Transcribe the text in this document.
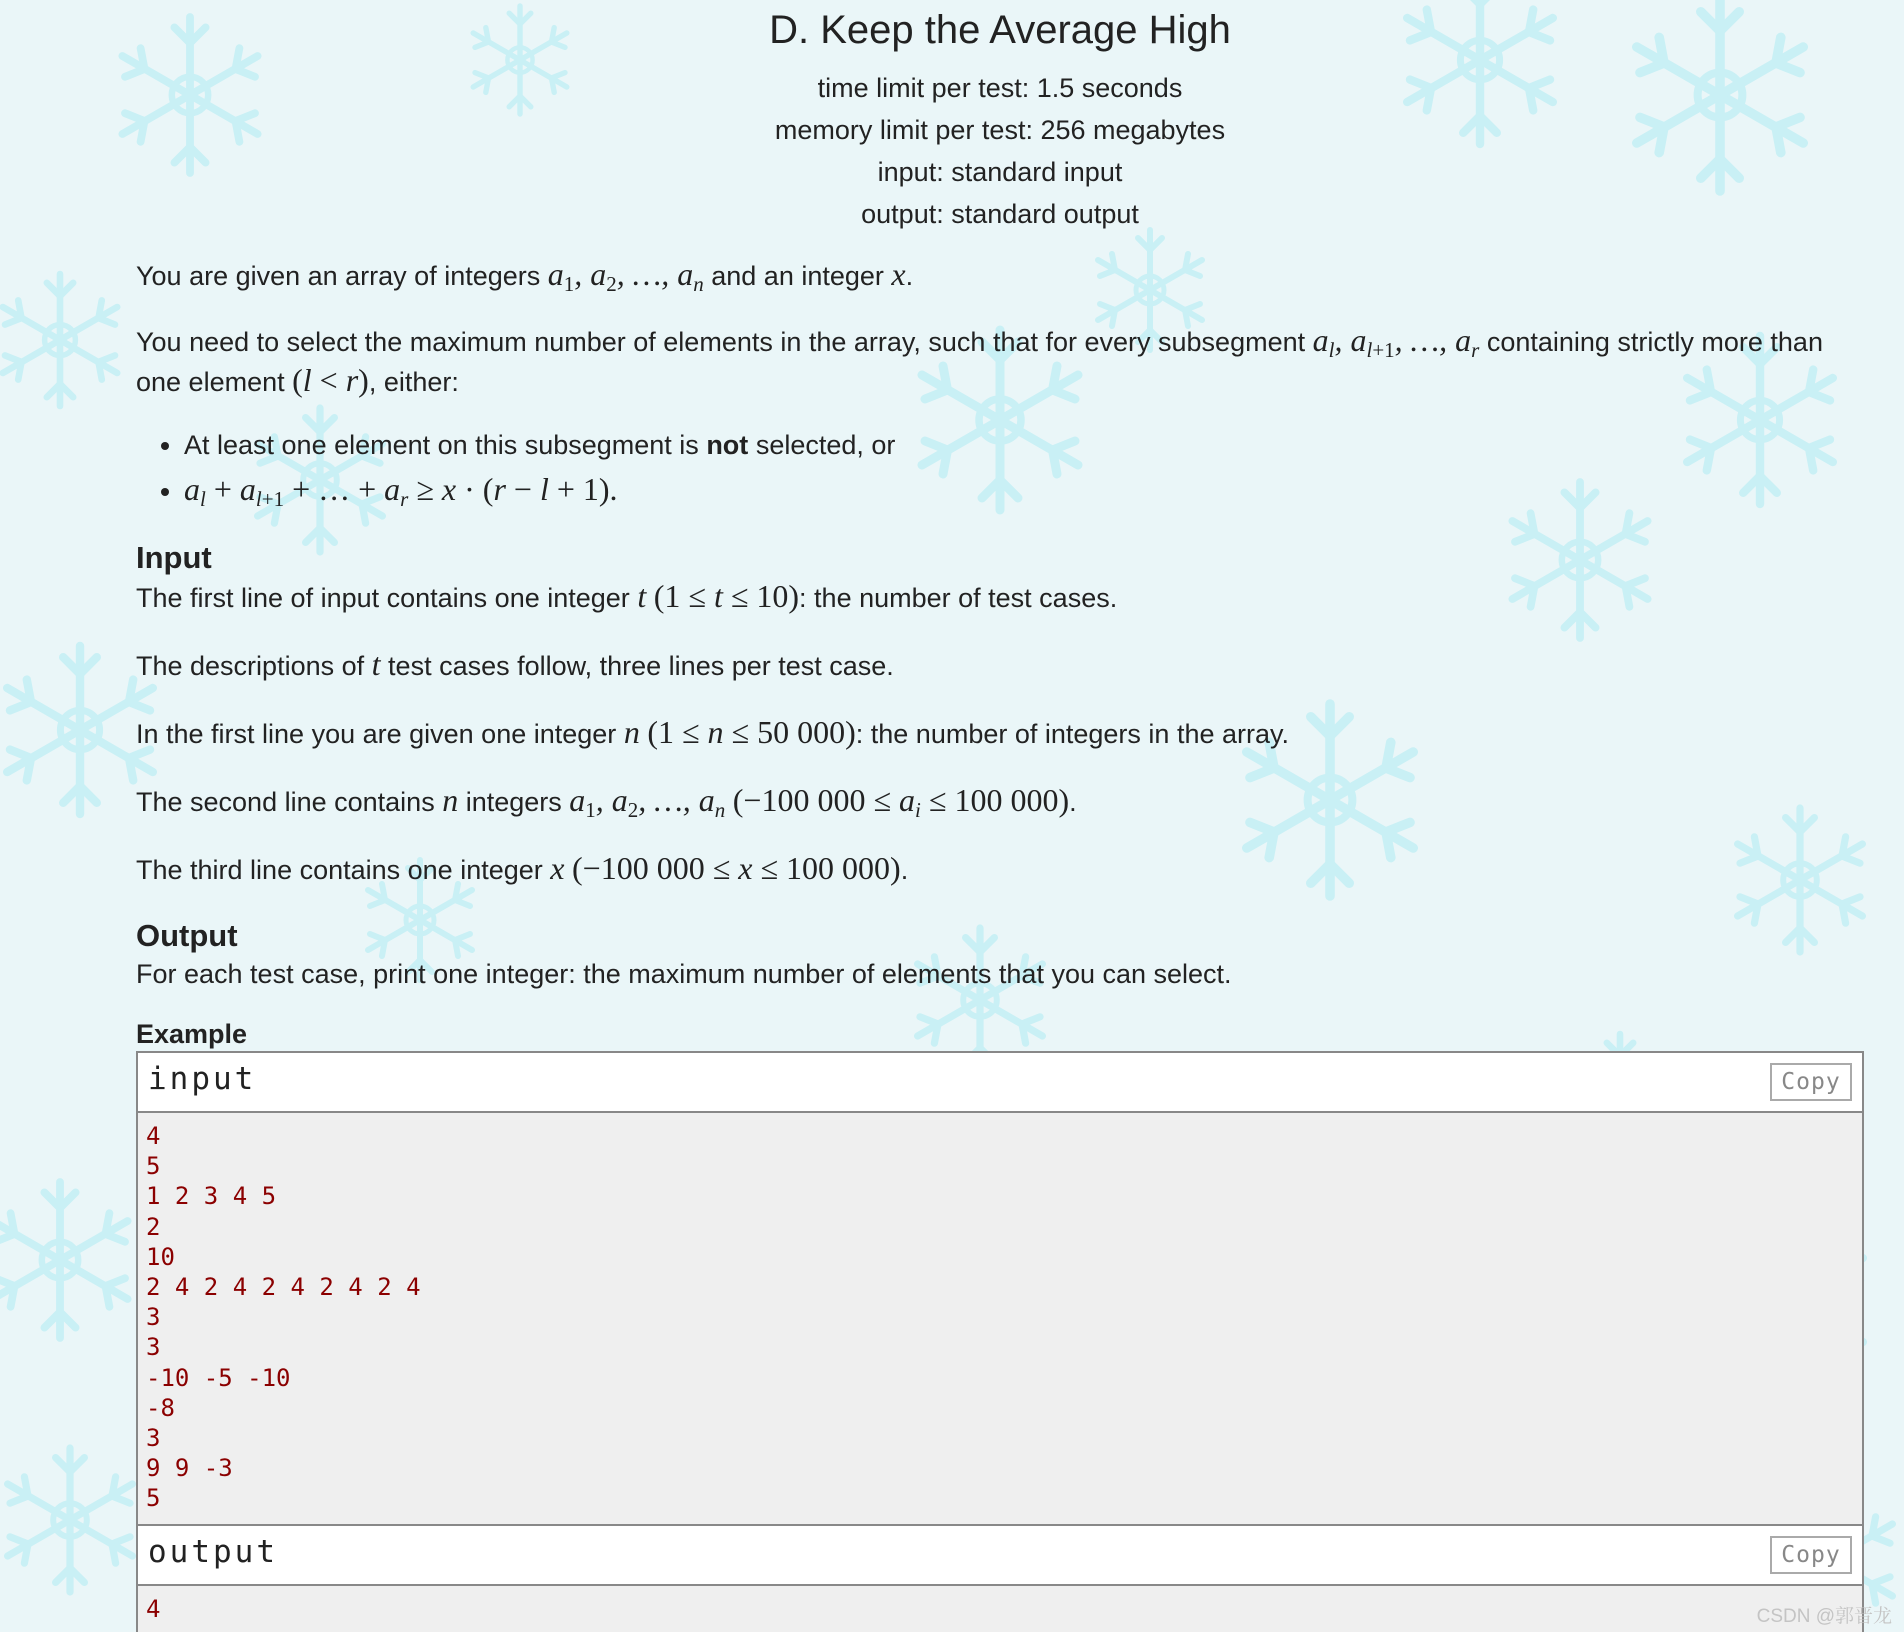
D. Keep the Average High
time limit per test: 1.5 seconds
memory limit per test: 256 megabytes
input: standard input
output: standard output

You are given an array of integers $a_1$, $a_2$, …, $a_n$ and an integer x.

You need to select the maximum number of elements in the array, such that for every subsegment $a_l$, $a_{l+1}$, …, $a_r$ containing strictly more than one element (l < r), either:

• At least one element on this subsegment is not selected, or
• $a_l + a_{l+1}$ + … + $a_r \ge x \cdot (r - l + 1)$.
Input

The first line of input contains one integer t (1 ≤ t ≤ 10): the number of test cases.

The descriptions of t test cases follow, three lines per test case.

In the first line you are given one integer n (1 ≤ n ≤ 50 000): the number of integers in the array.

The second line contains n integers $a_1$, $a_2$, …, $a_n$ (−100 $000 \le a_i \le 100$ 000).

The third line contains one integer x (−100 000 ≤ x ≤ 100 000).

Output

For each test case, print one integer: the maximum number of elements that you can select.

Example
input	Copy
4
5
1 2 3 4 5
2
10
2 4 2 4 2 4 2 4 2 4
3
3
-10 -5 -10
-8
3
9 9 -3
5
output	Copy
4	CSDN @郭晋龙
